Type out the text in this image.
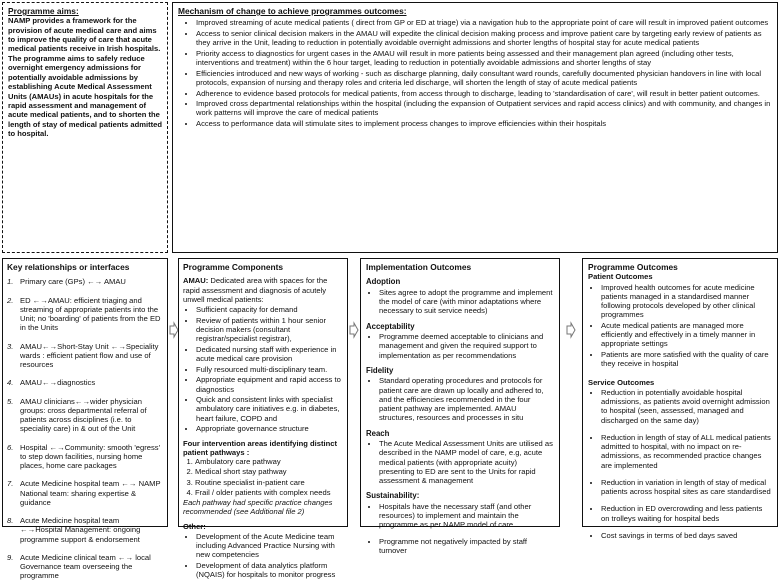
Programme aims:
NAMP provides a framework for the provision of acute medical care and aims to improve the quality of care that acute medical patients receive in Irish hospitals. The programme aims to safely reduce overnight emergency admissions for potentially avoidable admissions by establishing Acute Medical Assessment Units (AMAUs) in acute hospitals for the rapid assessment and management of acute medical patients, and to shorten the length of stay of medical patients admitted to hospital.
Mechanism of change to achieve programmes outcomes:
• Improved streaming of acute medical patients ( direct from GP or ED at triage) via a navigation hub to the appropriate point of care will result in improved patient outcomes
• Access to senior clinical decision makers in the AMAU will expedite the clinical decision making process and improve patient care by targeting early review of patients as they arrive in the Unit, leading to reduction in potentially avoidable overnight admissions and shorter lengths of hospital stay for acute medical patients
• Priority access to diagnostics for urgent cases in the AMAU will result in more patients being assessed and their management plan agreed (including other tests, interventions and treatment) within the 6 hour target, leading to reduction in potentially avoidable admissions and shorter lengths of stay
• Efficiencies introduced and new ways of working - such as discharge planning, daily consultant ward rounds, carefully documented physician handovers in line with local protocols, expansion of nursing and therapy roles and criteria led discharge, will shorten the length of stay of acute medical patients
• Adherence to evidence based protocols for medical patients, from access through to discharge, leading to 'standardisation of care', will result in better patient outcomes.
• Improved cross departmental relationships within the hospital (including the expansion of Outpatient services and rapid access clinics) and with community, and changes in work patterns will improve the care of medical patients
• Access to performance data will stimulate sites to implement process changes to improve efficiencies within their hospitals
Key relationships or interfaces
1. Primary care (GPs) ←→ AMAU
2. ED ←→AMAU: efficient triaging and streaming of appropriate patients into the Unit; no 'boarding' of patients from the ED in the Units
3. AMAU←→Short-Stay Unit ←→Speciality wards : efficient patient flow and use of resources
4. AMAU←→diagnostics
5. AMAU clinicians←→wider physician groups: cross departmental referral of patients across disciplines (i.e. to speciality care) in & out of the Unit
6. Hospital ←→Community: smooth 'egress' to step down facilities, nursing home places, home care packages
7. Acute Medicine hospital team ←→ NAMP National team: sharing expertise & guidance
8. Acute Medicine hospital team ←→Hospital Management: ongoing programme support & endorsement
9. Acute Medicine clinical team ←→ local Governance team overseeing the programme
Programme Components
AMAU: Dedicated area with spaces for the rapid assessment and diagnosis of acutely unwell medical patients:
• Sufficient capacity for demand
• Review of patients within 1 hour senior decision makers (consultant registrar/specialist registrar),
• Dedicated nursing staff with experience in acute medical care provision
• Fully resourced multi-disciplinary team.
• Appropriate equipment and rapid access to diagnostics
• Quick and consistent links with specialist ambulatory care initiatives e.g. in diabetes, heart failure, COPD and
• Appropriate governance structure
Four intervention areas identifying distinct patient pathways :
1. Ambulatory care pathway
2. Medical short stay pathway
3. Routine specialist in-patient care
4. Frail / older patients with complex needs
Each pathway had specific practice changes recommended (see Additional file 2)
Other:
• Development of the Acute Medicine team including Advanced Practice Nursing with new competencies
• Development of data analytics platform (NQAIS) for hospitals to monitor progress
Implementation Outcomes
Adoption
• Sites agree to adopt the programme and implement the model of care (with minor adaptations where necessary to suit service needs)
Acceptability
• Programme deemed acceptable to clinicians and management and given the required support to implementation as per recommendations
Fidelity
• Standard operating procedures and protocols for patient care are drawn up locally and adhered to, and the efficiencies recommended in the four patient pathway are implemented. AMAU structures, resources and processes in situ
Reach
• The Acute Medical Assessment Units are utilised as described in the NAMP model of care, e.g, acute medical patients (with appropriate acuity) presenting to ED are sent to the Units for rapid assessment & management
Sustainability:
• Hospitals have the necessary staff (and other resources) to implement and maintain the programme as per NAMP model of care
• Programme not negatively impacted by staff turnover
Programme Outcomes
Patient Outcomes
• Improved health outcomes for acute medicine patients managed in a standardised manner following protocols developed by other clinical programmes
• Acute medical patients are managed more efficiently and effectively in a timely manner in appropriate settings
• Patients are more satisfied with the quality of care they receive in hospital
Service Outcomes
• Reduction in potentially avoidable hospital admissions, as patients avoid overnight admission to hospital (seen, assessed, managed and discharged on the same day)
• Reduction in length of stay of ALL medical patients admitted to hospital, with no impact on re-admissions, as recommended practice changes are implemented
• Reduction in variation in length of stay of medical patients across hospital sites as care standardised
• Reduction in ED overcrowding and less patients on trolleys waiting for hospital beds
• Cost savings in terms of bed days saved
